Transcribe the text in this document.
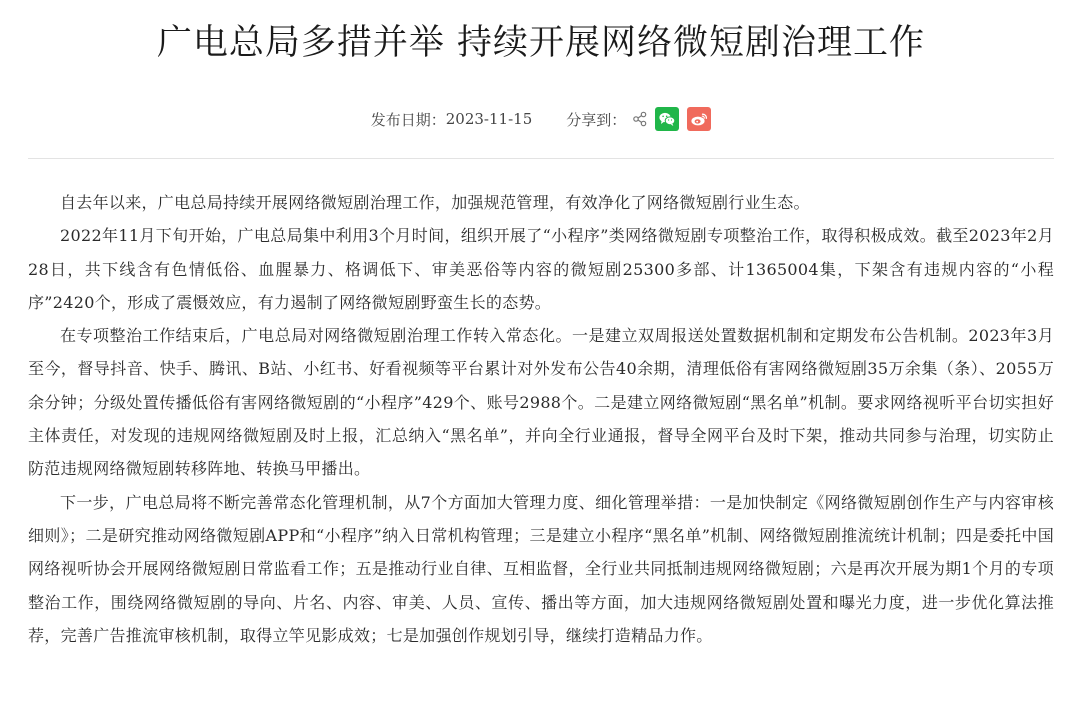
广电总局多措并举 持续开展网络微短剧治理工作
发布日期： 2023-11-15 分享到：

自去年以来，广电总局持续开展网络微短剧治理工作，加强规范管理，有效净化了网络微短剧行业生态。

2022年11月下旬开始，广电总局集中利用3个月时间，组织开展了“小程序”类网络微短剧专项整治工作，取得积极成效。截至2023年2月28日，共下线含有色情低俗、血腥暴力、格调低下、审美恶俗等内容的微短剧25300多部、计1365004集，下架含有违规内容的“小程序”2420个，形成了震慑效应，有力遏制了网络微短剧野蛮生长的态势。

在专项整治工作结束后，广电总局对网络微短剧治理工作转入常态化。一是建立双周报送处置数据机制和定期发布公告机制。2023年3月至今，督导抖音、快手、腾讯、B站、小红书、好看视频等平台累计对外发布公告40余期，清理低俗有害网络微短剧35万余集（条）、2055万余分钟；分级处置传播低俗有害网络微短剧的“小程序”429个、账号2988个。二是建立网络微短剧“黑名单”机制。要求网络视听平台切实担好主体责任，对发现的违规网络微短剧及时上报，汇总纳入“黑名单”，并向全行业通报，督导全网平台及时下架，推动共同参与治理，切实防止防范违规网络微短剧转移阵地、转换马甲播出。

下一步，广电总局将不断完善常态化管理机制，从7个方面加大管理力度、细化管理举措：一是加快制定《网络微短剧创作生产与内容审核细则》；二是研究推动网络微短剧APP和“小程序”纳入日常机构管理；三是建立小程序“黑名单”机制、网络微短剧推流统计机制；四是委托中国网络视听协会开展网络微短剧日常监看工作；五是推动行业自律、互相监督，全行业共同抵制违规网络微短剧；六是再次开展为期1个月的专项整治工作，围绕网络微短剧的导向、片名、内容、审美、人员、宣传、播出等方面，加大违规网络微短剧处置和曝光力度，进一步优化算法推荐，完善广告推流审核机制，取得立竿见影成效；七是加强创作规划引导，继续打造精品力作。
